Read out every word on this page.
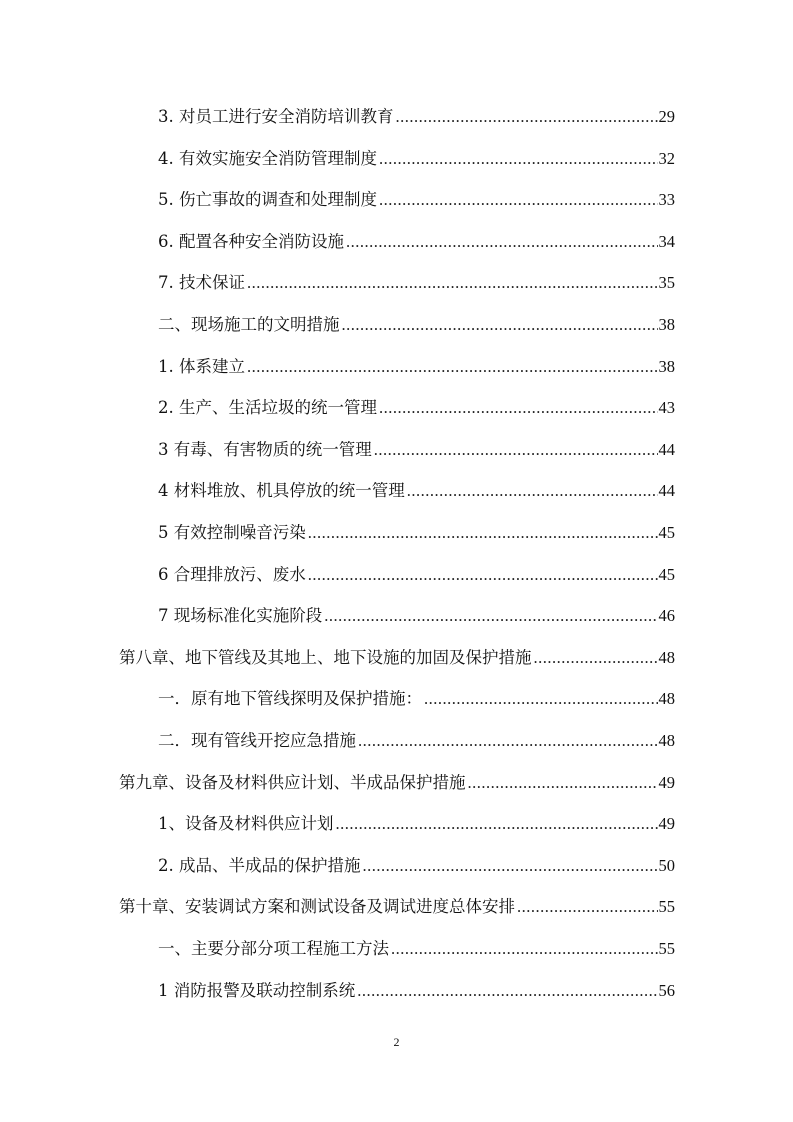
3. 对员工进行安全消防培训教育 .....	29
4. 有效实施安全消防管理制度 .....	32
5. 伤亡事故的调查和处理制度 .....	33
6. 配置各种安全消防设施 .....	34
7. 技术保证 .....	35
二、现场施工的文明措施 .....	38
1. 体系建立 .....	38
2. 生产、生活垃圾的统一管理 .....	43
3 有毒、有害物质的统一管理 .....	44
4 材料堆放、机具停放的统一管理 .....	44
5 有效控制噪音污染 .....	45
6 合理排放污、废水 .....	45
7 现场标准化实施阶段 .....	46
第八章、地下管线及其地上、地下设施的加固及保护措施 .....	48
一．原有地下管线探明及保护措施： .....	48
二．现有管线开挖应急措施 .....	48
第九章、设备及材料供应计划、半成品保护措施 .....	49
1、设备及材料供应计划 .....	49
2. 成品、半成品的保护措施 .....	50
第十章、安装调试方案和测试设备及调试进度总体安排 .....	55
一、主要分部分项工程施工方法 .....	55
1 消防报警及联动控制系统 .....	56
2
